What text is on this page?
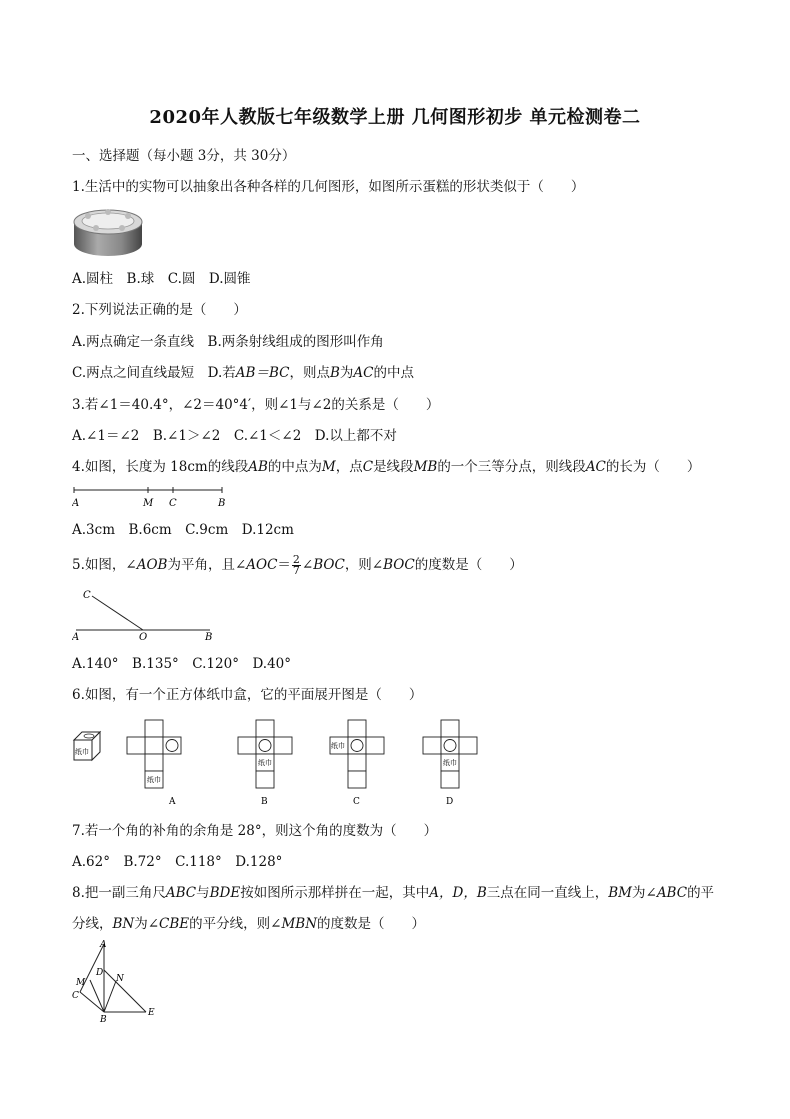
2020年人教版七年级数学上册 几何图形初步 单元检测卷二
一、选择题（每小题 3分，共 30分）
1.生活中的实物可以抽象出各种各样的几何图形，如图所示蛋糕的形状类似于（　　）
A.圆柱　B.球　C.圆　D.圆锥
2.下列说法正确的是（　　）
A.两点确定一条直线　B.两条射线组成的图形叫作角
C.两点之间直线最短　D.若AB＝BC，则点B为AC的中点
3.若∠1＝40.4°，∠2＝40°4′，则∠1与∠2的关系是（　　）
A.∠1＝∠2　B.∠1＞∠2　C.∠1＜∠2　D.以上都不对
4.如图，长度为 18cm的线段AB的中点为M，点C是线段MB的一个三等分点，则线段AC的长为（　　）
A	M C	B
A.3cm　B.6cm　C.9cm　D.12cm
5.如图，∠AOB为平角，且∠AOC＝ $\frac{2}{7}$ ∠BOC，则∠BOC的度数是（　　）
C
A	O	B
A.140°　B.135°　C.120°　D.40°
6.如图，有一个正方体纸巾盒，它的平面展开图是（　　）
纸巾
纸巾
A
纸巾
B
纸巾
C
纸巾
D
7.若一个角的补角的余角是 28°，则这个角的度数为（　　）
A.62°　B.72°　C.118°　D.128°
8.把一副三角尺ABC与BDE按如图所示那样拼在一起，其中A，D，B三点在同一直线上，BM为∠ABC的平
分线，BN为∠CBE的平分线，则∠MBN的度数是（　　）
A
D
N
M
C
B
E
